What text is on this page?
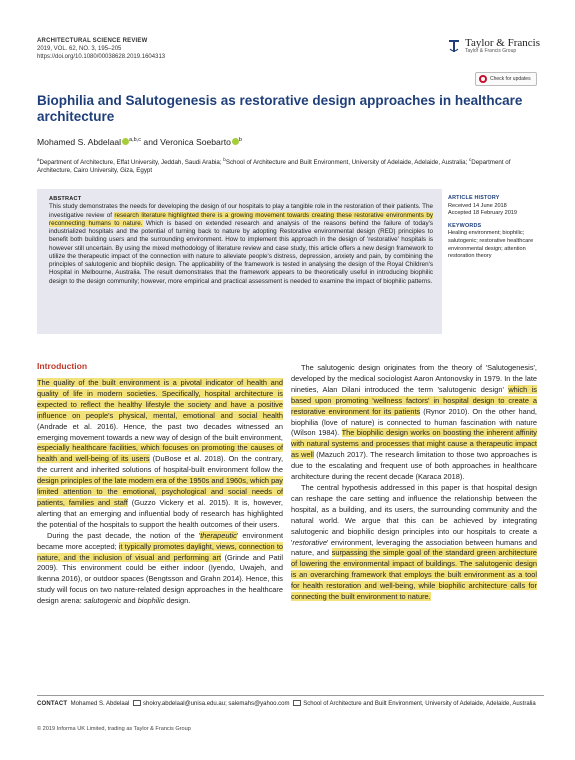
ARCHITECTURAL SCIENCE REVIEW
2019, VOL. 62, NO. 3, 195–205
https://doi.org/10.1080/00038628.2019.1604313
Taylor & Francis
Taylor & Francis Group
Check for updates
Biophilia and Salutogenesis as restorative design approaches in healthcare architecture
Mohamed S. Abdelaal $^{a,b,c}$ and Veronica Soebarto $^b$
$^a$Department of Architecture, Effat University, Jeddah, Saudi Arabia; $^b$School of Architecture and Built Environment, University of Adelaide, Adelaide, Australia; $^c$Department of Architecture, Cairo University, Giza, Egypt
ABSTRACT
This study demonstrates the needs for developing the design of our hospitals to play a tangible role in the restoration of their patients. The investigative review of research literature highlighted there is a growing movement towards creating these restorative environments by reconnecting humans to nature. Which is based on extended research and analysis of the reasons behind the failure of today's industrialized hospitals and the potential of turning back to nature by adopting Restorative environmental design (RED) principles to benefit both building users and the surrounding environment. How to implement this approach in the design of 'restorative' hospitals is however still uncertain. By using the mixed methodology of literature review and case study, this article offers a new design framework to utilize the therapeutic impact of the connection with nature to alleviate people's distress, depression, anxiety and pain, by combining the principles of salutogenic and biophilic design. The applicability of the framework is tested in analysing the design of the Royal Children's Hospital in Melbourne, Australia. The result demonstrates that the framework appears to be theoretically useful in introducing biophilic design to the design community; however, more empirical and practical assessment is needed to examine the impact of biophilic patterns.
ARTICLE HISTORY
Received 14 June 2018
Accepted 18 February 2019
KEYWORDS
Healing environment; biophilic; salutogenic; restorative healthcare environmental design; attention restoration theory
Introduction

The quality of the built environment is a pivotal indicator of health and quality of life in modern societies. Specifically, hospital architecture is expected to reflect the healthy lifestyle the society and have a positive influence on people's physical, mental, emotional and social health (Andrade et al. 2016). Hence, the past two decades witnessed an emerging movement towards a new way of design of the built environment, especially healthcare facilities, which focuses on promoting the causes of health and well-being of its users (DuBose et al. 2018). On the contrary, the current and inherited solutions of hospital-built environment follow the design principles of the late modern era of the 1950s and 1960s, which pay limited attention to the emotional, psychological and social needs of patients, families and staff (Guzzo Vickery et al. 2015). It is, however, alerting that an emerging and influential body of research has highlighted the potential of the hospitals to support the health outcomes of their users.

During the past decade, the notion of the 'therapeutic' environment became more accepted; it typically promotes daylight, views, connection to nature, and the inclusion of visual and performing art (Grinde and Patil 2009). This environment could be either indoor (Iyendo, Uwajeh, and Ikenna 2016), or outdoor spaces (Bengtsson and Grahn 2014). Hence, this study will focus on two nature-related design approaches in the healthcare design arena: salutogenic and biophilic design.

The salutogenic design originates from the theory of 'Salutogenesis', developed by the medical sociologist Aaron Antonovsky in 1979. In the late nineties, Alan Dilani introduced the term 'salutogenic design' which is based upon promoting 'wellness factors' in hospital design to create a restorative environment for its patients (Rynor 2010). On the other hand, biophilia (love of nature) is connected to human fascination with nature (Wilson 1984). The biophilic design works on boosting the inherent affinity with natural systems and processes that might cause a therapeutic impact as well (Mazuch 2017). The research limitation to those two approaches is due to the escalating and frequent use of both approaches in healthcare architecture during the recent decade (Karaca 2018).

The central hypothesis addressed in this paper is that hospital design can reshape the care setting and influence the relationship between the hospital, as a building, and its users, the surrounding community and the natural world. We argue that this can be achieved by integrating salutogenic and biophilic design principles into our hospitals to create a 'restorative' environment, leveraging the association between humans and nature, and surpassing the simple goal of the standard green architecture of lowering the environmental impact of buildings. The salutogenic design is an overarching framework that employs the built environment as a tool for health restoration and well-being, while biophilic architecture calls for connecting the built environment to nature.

CONTACT Mohamed S. Abdelaal shokry.abdelaal@unisa.edu.au; salemahs@yahoo.com School of Architecture and Built Environment, University of Adelaide, Adelaide, Australia
© 2019 Informa UK Limited, trading as Taylor & Francis Group
